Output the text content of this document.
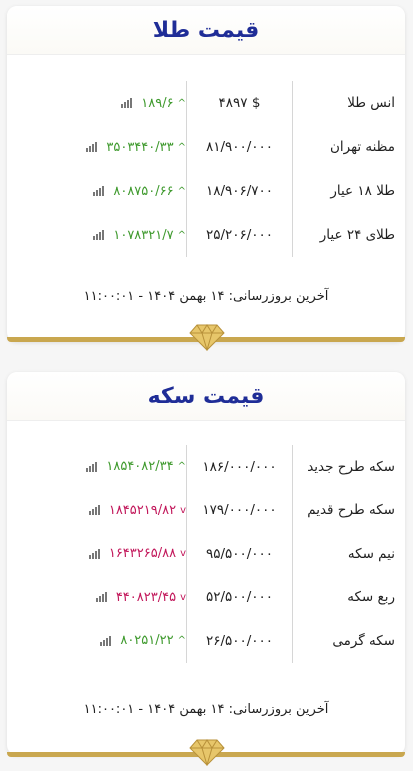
قیمت طلا
انس طلا
۴۸۹۷ $
۱۸۹/۶ ^
مظنه تهران
۸۱/۹۰۰/۰۰۰
۳۵۰۳۴۴۰/۳۳ ^
طلا ۱۸ عیار
۱۸/۹۰۶/۷۰۰
۸۰۸۷۵۰/۶۶ ^
طلای ۲۴ عیار
۲۵/۲۰۶/۰۰۰
۱۰۷۸۳۲۱/۷ ^
آخرین بروزرسانی: ۱۴ بهمن ۱۴۰۴ - ۱۱:۰۰:۰۱
قیمت سکه
سکه طرح جدید
۱۸۶/۰۰۰/۰۰۰
۱۸۵۴۰۸۲/۳۴ ^
سکه طرح قدیم
۱۷۹/۰۰۰/۰۰۰
۱۸۴۵۲۱۹/۸۲ v
نیم سکه
۹۵/۵۰۰/۰۰۰
۱۶۴۳۲۶۵/۸۸ v
ربع سکه
۵۲/۵۰۰/۰۰۰
۴۴۰۸۲۳/۴۵ v
سکه گرمی
۲۶/۵۰۰/۰۰۰
۸۰۲۵۱/۲۲ ^
آخرین بروزرسانی: ۱۴ بهمن ۱۴۰۴ - ۱۱:۰۰:۰۱
